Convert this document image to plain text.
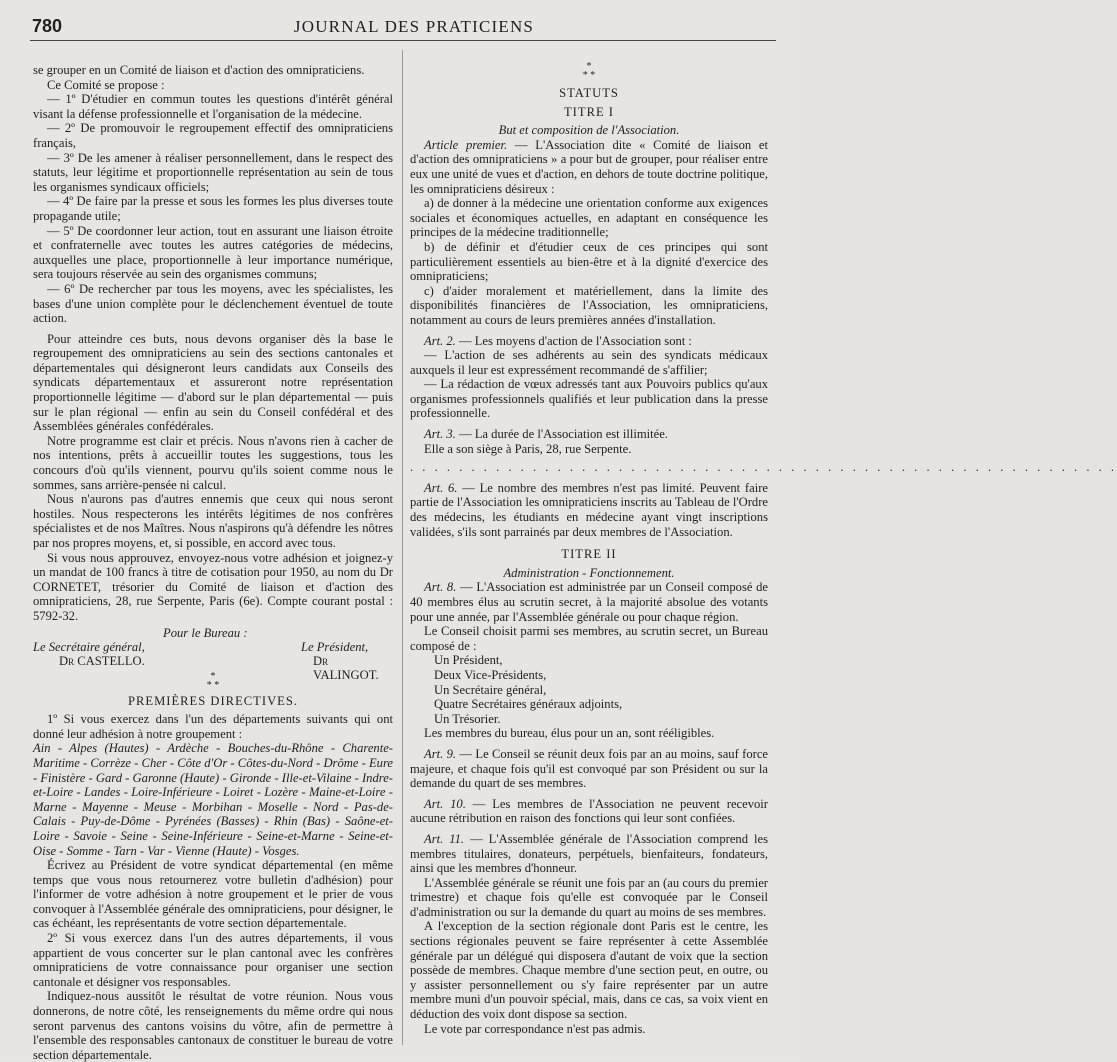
780	JOURNAL DES PRATICIENS

se grouper en un Comité de liaison et d'action des omnipraticiens.

Ce Comité se propose :

— 1º D'étudier en commun toutes les questions d'intérêt général visant la défense professionnelle et l'organisation de la médecine.

— 2º De promouvoir le regroupement effectif des omnipraticiens français,

— 3º De les amener à réaliser personnellement, dans le respect des statuts, leur légitime et proportionnelle représentation au sein de tous les organismes syndicaux officiels;

— 4º De faire par la presse et sous les formes les plus diverses toute propagande utile;

— 5º De coordonner leur action, tout en assurant une liaison étroite et confraternelle avec toutes les autres catégories de médecins, auxquelles une place, proportionnelle à leur importance numérique, sera toujours réservée au sein des organismes communs;

— 6º De rechercher par tous les moyens, avec les spécialistes, les bases d'une union complète pour le déclenchement éventuel de toute action.

Pour atteindre ces buts, nous devons organiser dès la base le regroupement des omnipraticiens au sein des sections cantonales et départementales qui désigneront leurs candidats aux Conseils des syndicats départementaux et assureront notre représentation proportionnelle légitime — d'abord sur le plan départemental — puis sur le plan régional — enfin au sein du Conseil confédéral et des Assemblées générales confédérales.

Notre programme est clair et précis. Nous n'avons rien à cacher de nos intentions, prêts à accueillir toutes les suggestions, tous les concours d'où qu'ils viennent, pourvu qu'ils soient comme nous le sommes, sans arrière-pensée ni calcul.

Nous n'aurons pas d'autres ennemis que ceux qui nous seront hostiles. Nous respecterons les intérêts légitimes de nos confrères spécialistes et de nos Maîtres. Nous n'aspirons qu'à défendre les nôtres par nos propres moyens, et, si possible, en accord avec tous.

Si vous nous approuvez, envoyez-nous votre adhésion et joignez-y un mandat de 100 francs à titre de cotisation pour 1950, au nom du Dr CORNETET, trésorier du Comité de liaison et d'action des omnipraticiens, 28, rue Serpente, Paris (6e). Compte courant postal : 5792-32.

Pour le Bureau :
Le Secrétaire général,
Dr CASTELLO.
Le Président,
Dr VALINGOT.
*
* *

PREMIÈRES DIRECTIVES.

1º Si vous exercez dans l'un des départements suivants qui ont donné leur adhésion à notre groupement :

Ain - Alpes (Hautes) - Ardèche - Bouches-du-Rhône - Charente-Maritime - Corrèze - Cher - Côte d'Or - Côtes-du-Nord - Drôme - Eure - Finistère - Gard - Garonne (Haute) - Gironde - Ille-et-Vilaine - Indre-et-Loire - Landes - Loire-Inférieure - Loiret - Lozère - Maine-et-Loire - Marne - Mayenne - Meuse - Morbihan - Moselle - Nord - Pas-de-Calais - Puy-de-Dôme - Pyrénées (Basses) - Rhin (Bas) - Saône-et-Loire - Savoie - Seine - Seine-Inférieure - Seine-et-Marne - Seine-et-Oise - Somme - Tarn - Var - Vienne (Haute) - Vosges.

Écrivez au Président de votre syndicat départemental (en même temps que vous nous retournerez votre bulletin d'adhésion) pour l'informer de votre adhésion à notre groupement et le prier de vous convoquer à l'Assemblée générale des omnipraticiens, pour désigner, le cas échéant, les représentants de votre section départementale.

2º Si vous exercez dans l'un des autres départements, il vous appartient de vous concerter sur le plan cantonal avec les confrères omnipraticiens de votre connaissance pour organiser une section cantonale et désigner vos responsables.

Indiquez-nous aussitôt le résultat de votre réunion. Nous vous donnerons, de notre côté, les renseignements du même ordre qui nous seront parvenus des cantons voisins du vôtre, afin de permettre à l'ensemble des responsables cantonaux de constituer le bureau de votre section départementale.

*
* *

STATUTS

TITRE I

But et composition de l'Association.

Article premier. — L'Association dite « Comité de liaison et d'action des omnipraticiens » a pour but de grouper, pour réaliser entre eux une unité de vues et d'action, en dehors de toute doctrine politique, les omnipraticiens désireux :

a) de donner à la médecine une orientation conforme aux exigences sociales et économiques actuelles, en adaptant en conséquence les principes de la médecine traditionnelle;

b) de définir et d'étudier ceux de ces principes qui sont particulièrement essentiels au bien-être et à la dignité d'exercice des omnipraticiens;

c) d'aider moralement et matériellement, dans la limite des disponibilités financières de l'Association, les omnipraticiens, notamment au cours de leurs premières années d'installation.

Art. 2. — Les moyens d'action de l'Association sont :

— L'action de ses adhérents au sein des syndicats médicaux auxquels il leur est expressément recommandé de s'affilier;

— La rédaction de vœux adressés tant aux Pouvoirs publics qu'aux organismes professionnels qualifiés et leur publication dans la presse professionnelle.

Art. 3. — La durée de l'Association est illimitée.

Elle a son siège à Paris, 28, rue Serpente.

. . . . . . . . . . . . . . . . . . . . . . . . . . . . . . . . . . . . . . . . . . . . . . . . . . . . . . . . . .

Art. 6. — Le nombre des membres n'est pas limité. Peuvent faire partie de l'Association les omnipraticiens inscrits au Tableau de l'Ordre des médecins, les étudiants en médecine ayant vingt inscriptions validées, s'ils sont parrainés par deux membres de l'Association.

TITRE II

Administration - Fonctionnement.

Art. 8. — L'Association est administrée par un Conseil composé de 40 membres élus au scrutin secret, à la majorité absolue des votants pour une année, par l'Assemblée générale ou pour chaque région.

Le Conseil choisit parmi ses membres, au scrutin secret, un Bureau composé de :

Un Président,

Deux Vice-Présidents,

Un Secrétaire général,

Quatre Secrétaires généraux adjoints,

Un Trésorier.

Les membres du bureau, élus pour un an, sont rééligibles.

Art. 9. — Le Conseil se réunit deux fois par an au moins, sauf force majeure, et chaque fois qu'il est convoqué par son Président ou sur la demande du quart de ses membres.

Art. 10. — Les membres de l'Association ne peuvent recevoir aucune rétribution en raison des fonctions qui leur sont confiées.

Art. 11. — L'Assemblée générale de l'Association comprend les membres titulaires, donateurs, perpétuels, bienfaiteurs, fondateurs, ainsi que les membres d'honneur.

L'Assemblée générale se réunit une fois par an (au cours du premier trimestre) et chaque fois qu'elle est convoquée par le Conseil d'administration ou sur la demande du quart au moins de ses membres.

A l'exception de la section régionale dont Paris est le centre, les sections régionales peuvent se faire représenter à cette Assemblée générale par un délégué qui disposera d'autant de voix que la section possède de membres. Chaque membre d'une section peut, en outre, ou y assister personnellement ou s'y faire représenter par un autre membre muni d'un pouvoir spécial, mais, dans ce cas, sa voix vient en déduction des voix dont dispose sa section.

Le vote par correspondance n'est pas admis.
